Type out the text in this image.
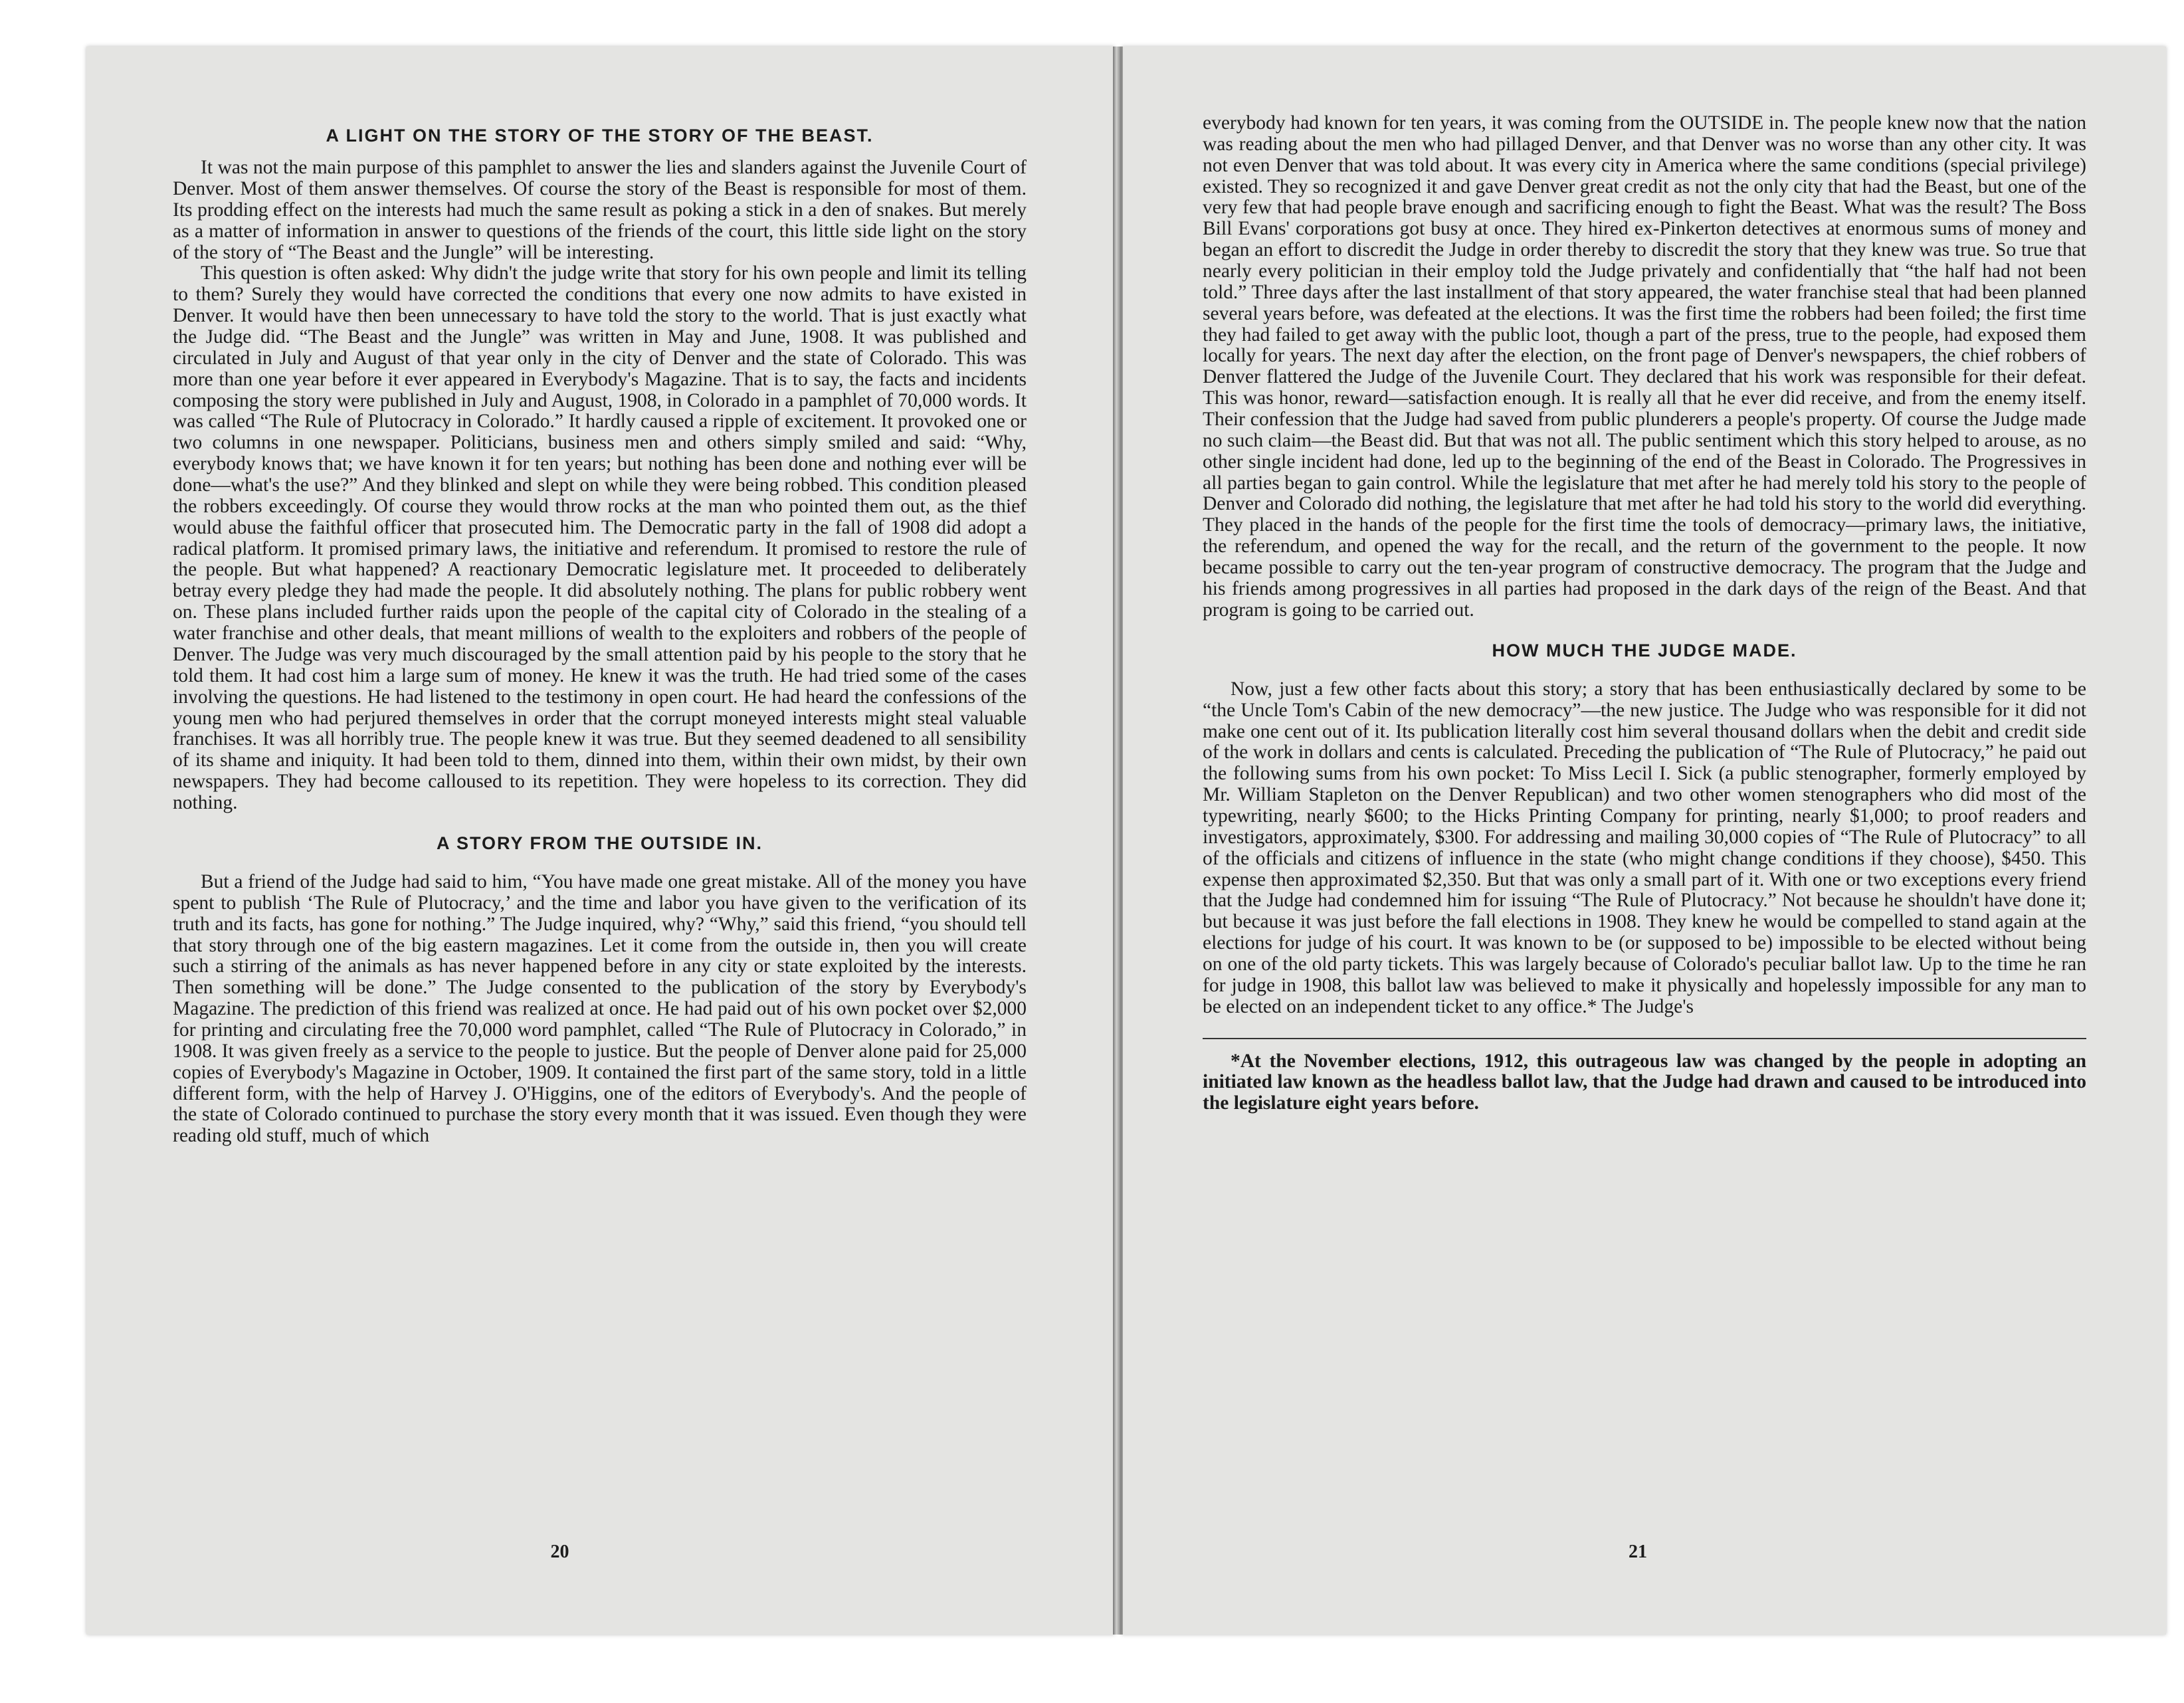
A LIGHT ON THE STORY OF THE STORY OF THE BEAST.

It was not the main purpose of this pamphlet to answer the lies and slanders against the Juvenile Court of Denver. Most of them answer themselves. Of course the story of the Beast is responsible for most of them. Its prodding effect on the interests had much the same result as poking a stick in a den of snakes. But merely as a matter of information in answer to questions of the friends of the court, this little side light on the story of the story of “The Beast and the Jungle” will be interesting.

This question is often asked: Why didn't the judge write that story for his own people and limit its telling to them? Surely they would have corrected the conditions that every one now admits to have existed in Denver. It would have then been unnecessary to have told the story to the world. That is just exactly what the Judge did. “The Beast and the Jungle” was written in May and June, 1908. It was published and circulated in July and August of that year only in the city of Denver and the state of Colorado. This was more than one year before it ever appeared in Everybody's Magazine. That is to say, the facts and incidents composing the story were published in July and August, 1908, in Colorado in a pamphlet of 70,000 words. It was called “The Rule of Plutocracy in Colorado.” It hardly caused a ripple of excitement. It provoked one or two columns in one newspaper. Politicians, business men and others simply smiled and said: “Why, everybody knows that; we have known it for ten years; but nothing has been done and nothing ever will be done—what's the use?” And they blinked and slept on while they were being robbed. This condition pleased the robbers exceedingly. Of course they would throw rocks at the man who pointed them out, as the thief would abuse the faithful officer that prosecuted him. The Democratic party in the fall of 1908 did adopt a radical platform. It promised primary laws, the initiative and referendum. It promised to restore the rule of the people. But what happened? A reactionary Democratic legislature met. It proceeded to deliberately betray every pledge they had made the people. It did absolutely nothing. The plans for public robbery went on. These plans included further raids upon the people of the capital city of Colorado in the stealing of a water franchise and other deals, that meant millions of wealth to the exploiters and robbers of the people of Denver. The Judge was very much discouraged by the small attention paid by his people to the story that he told them. It had cost him a large sum of money. He knew it was the truth. He had tried some of the cases involving the questions. He had listened to the testimony in open court. He had heard the confessions of the young men who had perjured themselves in order that the corrupt moneyed interests might steal valuable franchises. It was all horribly true. The people knew it was true. But they seemed deadened to all sensibility of its shame and iniquity. It had been told to them, dinned into them, within their own midst, by their own newspapers. They had become calloused to its repetition. They were hopeless to its correction. They did nothing.

A STORY FROM THE OUTSIDE IN.

But a friend of the Judge had said to him, “You have made one great mistake. All of the money you have spent to publish ‘The Rule of Plutocracy,’ and the time and labor you have given to the verification of its truth and its facts, has gone for nothing.” The Judge inquired, why? “Why,” said this friend, “you should tell that story through one of the big eastern magazines. Let it come from the outside in, then you will create such a stirring of the animals as has never happened before in any city or state exploited by the interests. Then something will be done.” The Judge consented to the publication of the story by Everybody's Magazine. The prediction of this friend was realized at once. He had paid out of his own pocket over $2,000 for printing and circulating free the 70,000 word pamphlet, called “The Rule of Plutocracy in Colorado,” in 1908. It was given freely as a service to the people to justice. But the people of Denver alone paid for 25,000 copies of Everybody's Magazine in October, 1909. It contained the first part of the same story, told in a little different form, with the help of Harvey J. O'Higgins, one of the editors of Everybody's. And the people of the state of Colorado continued to purchase the story every month that it was issued. Even though they were reading old stuff, much of which

20

everybody had known for ten years, it was coming from the OUTSIDE in. The people knew now that the nation was reading about the men who had pillaged Denver, and that Denver was no worse than any other city. It was not even Denver that was told about. It was every city in America where the same conditions (special privilege) existed. They so recognized it and gave Denver great credit as not the only city that had the Beast, but one of the very few that had people brave enough and sacrificing enough to fight the Beast. What was the result? The Boss Bill Evans' corporations got busy at once. They hired ex-Pinkerton detectives at enormous sums of money and began an effort to discredit the Judge in order thereby to discredit the story that they knew was true. So true that nearly every politician in their employ told the Judge privately and confidentially that “the half had not been told.” Three days after the last installment of that story appeared, the water franchise steal that had been planned several years before, was defeated at the elections. It was the first time the robbers had been foiled; the first time they had failed to get away with the public loot, though a part of the press, true to the people, had exposed them locally for years. The next day after the election, on the front page of Denver's newspapers, the chief robbers of Denver flattered the Judge of the Juvenile Court. They declared that his work was responsible for their defeat. This was honor, reward—satisfaction enough. It is really all that he ever did receive, and from the enemy itself. Their confession that the Judge had saved from public plunderers a people's property. Of course the Judge made no such claim—the Beast did. But that was not all. The public sentiment which this story helped to arouse, as no other single incident had done, led up to the beginning of the end of the Beast in Colorado. The Progressives in all parties began to gain control. While the legislature that met after he had merely told his story to the people of Denver and Colorado did nothing, the legislature that met after he had told his story to the world did everything. They placed in the hands of the people for the first time the tools of democracy—primary laws, the initiative, the referendum, and opened the way for the recall, and the return of the government to the people. It now became possible to carry out the ten-year program of constructive democracy. The program that the Judge and his friends among progressives in all parties had proposed in the dark days of the reign of the Beast. And that program is going to be carried out.

HOW MUCH THE JUDGE MADE.

Now, just a few other facts about this story; a story that has been enthusiastically declared by some to be “the Uncle Tom's Cabin of the new democracy”—the new justice. The Judge who was responsible for it did not make one cent out of it. Its publication literally cost him several thousand dollars when the debit and credit side of the work in dollars and cents is calculated. Preceding the publication of “The Rule of Plutocracy,” he paid out the following sums from his own pocket: To Miss Lecil I. Sick (a public stenographer, formerly employed by Mr. William Stapleton on the Denver Republican) and two other women stenographers who did most of the typewriting, nearly $600; to the Hicks Printing Company for printing, nearly $1,000; to proof readers and investigators, approximately, $300. For addressing and mailing 30,000 copies of “The Rule of Plutocracy” to all of the officials and citizens of influence in the state (who might change conditions if they choose), $450. This expense then approximated $2,350. But that was only a small part of it. With one or two exceptions every friend that the Judge had condemned him for issuing “The Rule of Plutocracy.” Not because he shouldn't have done it; but because it was just before the fall elections in 1908. They knew he would be compelled to stand again at the elections for judge of his court. It was known to be (or supposed to be) impossible to be elected without being on one of the old party tickets. This was largely because of Colorado's peculiar ballot law. Up to the time he ran for judge in 1908, this ballot law was believed to make it physically and hopelessly impossible for any man to be elected on an independent ticket to any office.* The Judge's

*At the November elections, 1912, this outrageous law was changed by the people in adopting an initiated law known as the headless ballot law, that the Judge had drawn and caused to be introduced into the legislature eight years before.
21
